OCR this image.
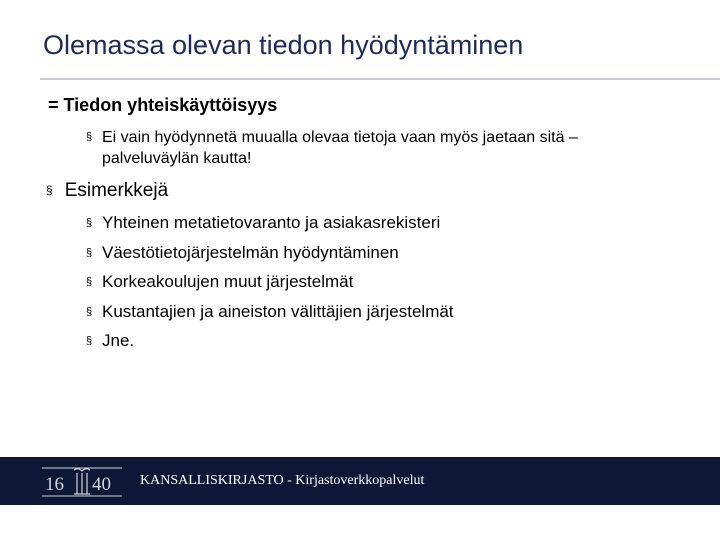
Olemassa olevan tiedon hyödyntäminen
= Tiedon yhteiskäyttöisyys
§ Ei vain hyödynnetä muualla olevaa tietoja vaan myös jaetaan sitä – palveluväylän kautta!
§ Esimerkkejä
§ Yhteinen metatietovaranto ja asiakasrekisteri
§ Väestötietojärjestelmän hyödyntäminen
§ Korkeakoulujen muut järjestelmät
§ Kustantajien ja aineiston välittäjien järjestelmät
§ Jne.
16 40 KANSALLISKIRJASTO - Kirjastoverkkopalvelut
